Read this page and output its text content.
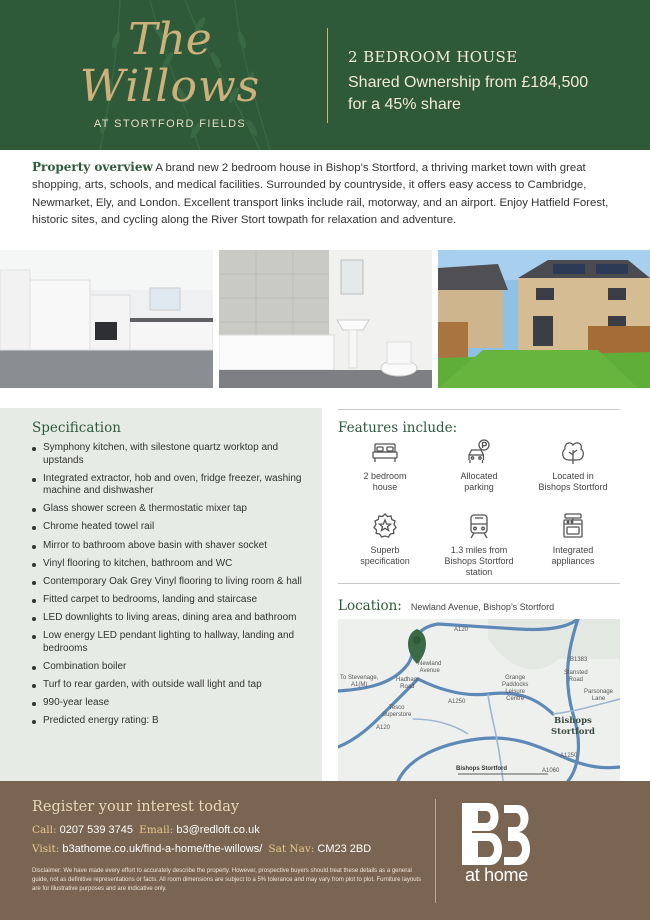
The
Willows
AT STORTFORD FIELDS
2 BEDROOM HOUSE
Shared Ownership from £184,500
for a 45% share
Property overview A brand new 2 bedroom house in Bishop’s Stortford, a thriving market town with great shopping, arts, schools, and medical facilities. Surrounded by countryside, it offers easy access to Cambridge, Newmarket, Ely, and London. Excellent transport links include rail, motorway, and an airport. Enjoy Hatfield Forest, historic sites, and cycling along the River Stort towpath for relaxation and adventure.
Specification
Symphony kitchen, with silestone quartz worktop and upstands
Integrated extractor, hob and oven, fridge freezer, washing machine and dishwasher
Glass shower screen & thermostatic mixer tap
Chrome heated towel rail
Mirror to bathroom above basin with shaver socket
Vinyl flooring to kitchen, bathroom and WC
Contemporary Oak Grey Vinyl flooring to living room & hall
Fitted carpet to bedrooms, landing and staircase
LED downlights to living areas, dining area and bathroom
Low energy LED pendant lighting to hallway, landing and bedrooms
Combination boiler
Turf to rear garden, with outside wall light and tap
990-year lease
Predicted energy rating: B
Features include:
2 bedroom
house
Allocated
parking
Located in
Bishops Stortford
Superb
specification
1.3 miles from
Bishops Stortford
station
Integrated
appliances
Location: Newland Avenue, Bishop’s Stortford
A120
Newland
Avenue
To Stevenage,
A1(M)
Hadham
Road
Grange
Paddocks
Leisure
Centre
B1383
Stansted
Road
Parsonage
Lane
A1250
Tesco
Superstore
A120
Bishops
Stortford
A1250
Bishops Stortford	A1060
Register your interest today
Call: 0207 539 3745 Email: b3@redloft.co.uk
Visit: b3athome.co.uk/find-a-home/the-willows/ Sat Nav: CM23 2BD
Disclaimer: We have made every effort to accurately describe the property. However, prospective buyers should treat these details as a general guide, not as definitive representations or facts. All room dimensions are subject to a 5% tolerance and may vary from plot to plot. Furniture layouts are for illustrative purposes and are indicative only.
at home
